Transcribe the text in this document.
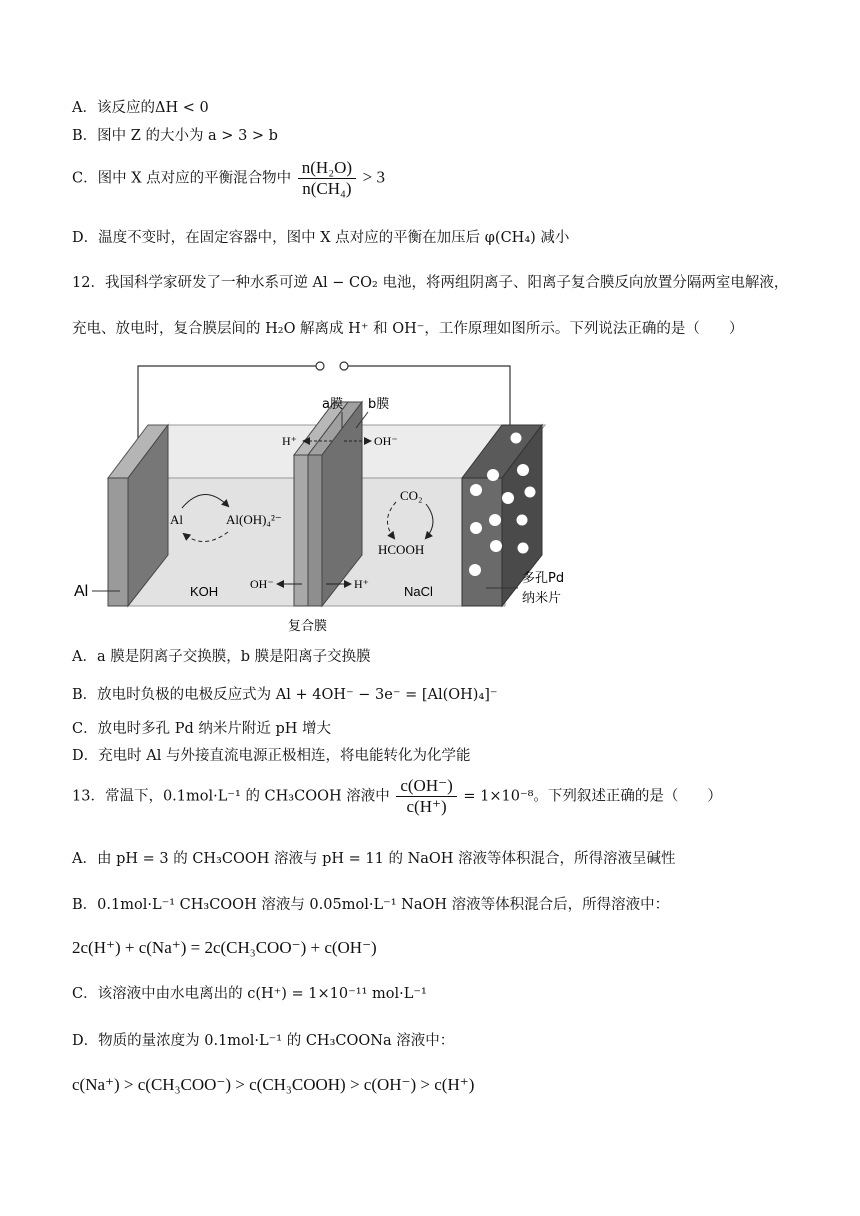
A．该反应的ΔH < 0
B．图中 Z 的大小为 a > 3 > b
C．图中 X 点对应的平衡混合物中 $\frac{\text{n(H₂O)}}{\text{n(CH₄)}} > 3$
D．温度不变时，在固定容器中，图中 X 点对应的平衡在加压后 φ(CH₄) 减小
12．我国科学家研发了一种水系可逆 Al − CO₂ 电池，将两组阴离子、阳离子复合膜反向放置分隔两室电解液，
充电、放电时，复合膜层间的 H₂O 解离成 H⁺ 和 OH⁻，工作原理如图所示。下列说法正确的是（　　）
a膜 b膜
H⁺	OH⁻
Al	Al(OH)₄²⁻
CO₂
HCOOH
Al	KOH	OH⁻	H⁺	NaCl
多孔Pd
纳米片
复合膜
A．a 膜是阴离子交换膜，b 膜是阳离子交换膜
B．放电时负极的电极反应式为 Al + 4OH⁻ − 3e⁻ = [Al(OH)₄]⁻
C．放电时多孔 Pd 纳米片附近 pH 增大
D．充电时 Al 与外接直流电源正极相连，将电能转化为化学能
13．常温下，0.1mol·L⁻¹ 的 CH₃COOH 溶液中 $\frac{c(OH^-)}{c(H^+)} = 1\times 10^{-8}$。下列叙述正确的是（　　）
A．由 pH = 3 的 CH₃COOH 溶液与 pH = 11 的 NaOH 溶液等体积混合，所得溶液呈碱性
B．0.1mol·L⁻¹ CH₃COOH 溶液与 0.05mol·L⁻¹ NaOH 溶液等体积混合后，所得溶液中：
2c(H⁺) + c(Na⁺) = 2c(CH₃COO⁻) + c(OH⁻)
C．该溶液中由水电离出的 c(H⁺) = 1×10⁻¹¹ mol·L⁻¹
D．物质的量浓度为 0.1mol·L⁻¹ 的 CH₃COONa 溶液中：
c(Na⁺) > c(CH₃COO⁻) > c(CH₃COOH) > c(OH⁻) > c(H⁺)
